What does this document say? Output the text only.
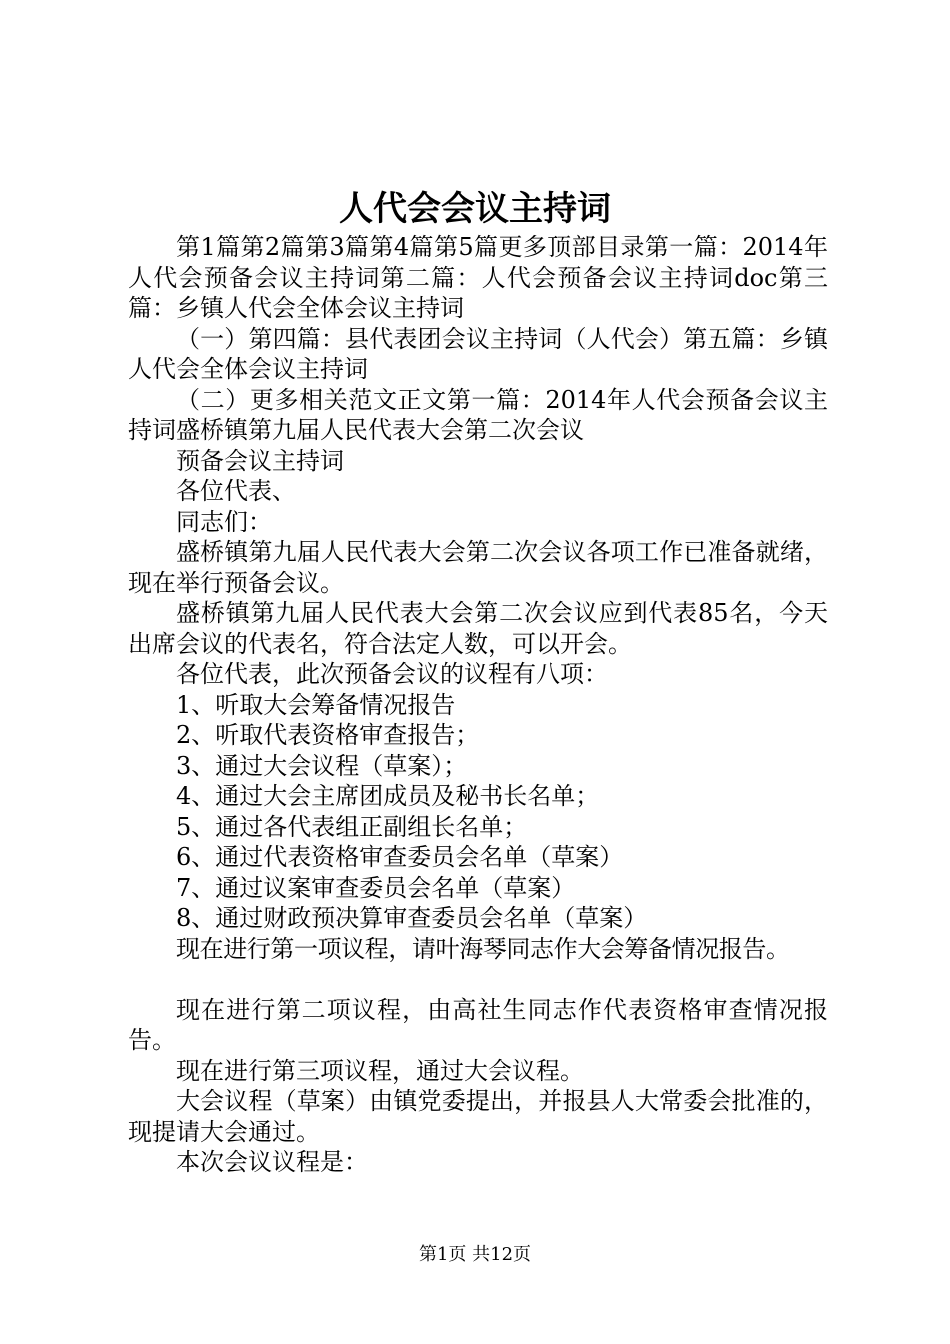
人代会会议主持词

第1篇第2篇第3篇第4篇第5篇更多顶部目录第一篇：2014年人代会预备会议主持词第二篇：人代会预备会议主持词doc第三篇：乡镇人代会全体会议主持词

（一）第四篇：县代表团会议主持词（人代会）第五篇：乡镇人代会全体会议主持词

（二）更多相关范文正文第一篇：2014年人代会预备会议主持词盛桥镇第九届人民代表大会第二次会议

预备会议主持词

各位代表、

同志们：

盛桥镇第九届人民代表大会第二次会议各项工作已准备就绪，现在举行预备会议。

盛桥镇第九届人民代表大会第二次会议应到代表85名，今天出席会议的代表名，符合法定人数，可以开会。

各位代表，此次预备会议的议程有八项：

1、听取大会筹备情况报告

2、听取代表资格审查报告；

3、通过大会议程（草案）；

4、通过大会主席团成员及秘书长名单；

5、通过各代表组正副组长名单；

6、通过代表资格审查委员会名单（草案）

7、通过议案审查委员会名单（草案）

8、通过财政预决算审查委员会名单（草案）

现在进行第一项议程，请叶海琴同志作大会筹备情况报告。

现在进行第二项议程，由高社生同志作代表资格审查情况报告。

现在进行第三项议程，通过大会议程。

大会议程（草案）由镇党委提出，并报县人大常委会批准的，现提请大会通过。

本次会议议程是：

第1页 共12页
